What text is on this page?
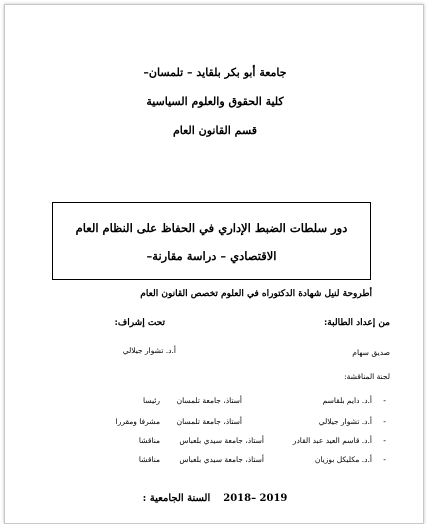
جامعة أبو بكر بلقايد – تلمسان–
كلية الحقوق والعلوم السياسية
قسم القانون العام
دور سلطات الضبط الإداري في الحفاظ على النظام العام
الاقتصادي – دراسة مقارنة–
أطروحة لنيل شهادة الدكتوراه في العلوم تخصص القانون العام
من إعداد الطالبة:
تحت إشراف:
صديق سهام
أ.د. تشوار جيلالي
لجنة المناقشة:
-
أ.د. دايم بلقاسم
أستاذ، جامعة تلمسان
رئيسا
-
أ.د. تشوار جيلالي
أستاذ، جامعة تلمسان
مشرفا ومقررا
-
أ.د. قاسم العيد عبد القادر
أستاذ، جامعة سيدي بلعباس
مناقشا
-
أ.د. مكليكل بوزيان
أستاذ، جامعة سيدي بلعباس
مناقشا
السنة الجامعية : 2018– 2019
